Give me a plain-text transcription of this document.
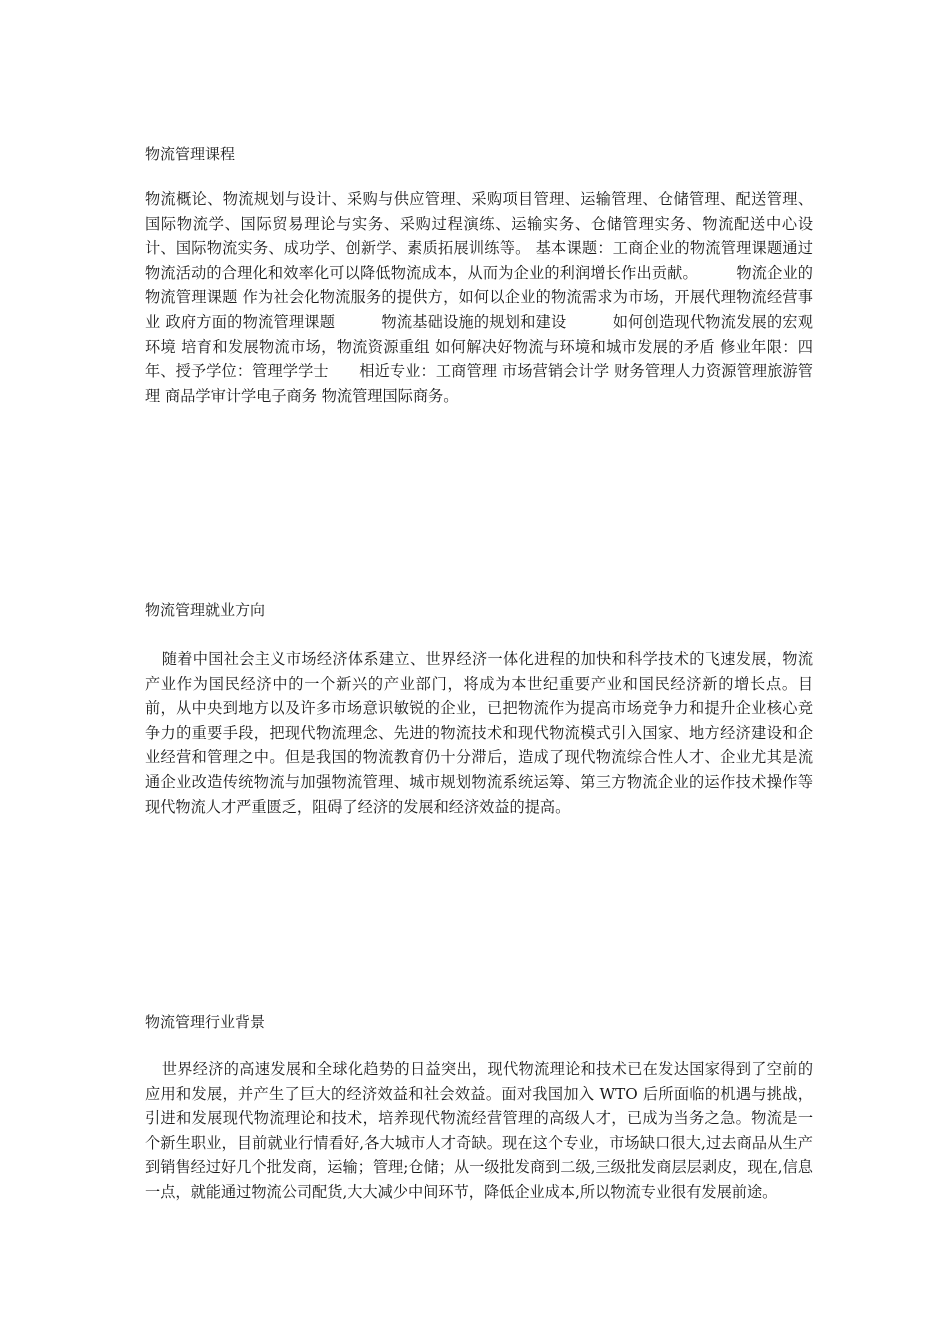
物流管理课程

物流概论、物流规划与设计、采购与供应管理、采购项目管理、运输管理、仓储管理、配送管理、国际物流学、国际贸易理论与实务、采购过程演练、运输实务、仓储管理实务、物流配送中心设计、国际物流实务、成功学、创新学、素质拓展训练等。 基本课题：工商企业的物流管理课题通过物流活动的合理化和效率化可以降低物流成本，从而为企业的利润增长作出贡献。　　　物流企业的物流管理课题 作为社会化物流服务的提供方，如何以企业的物流需求为市场，开展代理物流经营事业 政府方面的物流管理课题　　　物流基础设施的规划和建设　　　如何创造现代物流发展的宏观环境 培育和发展物流市场，物流资源重组 如何解决好物流与环境和城市发展的矛盾 修业年限：四年、授予学位：管理学学士　　相近专业：工商管理 市场营销会计学 财务管理人力资源管理旅游管理 商品学审计学电子商务 物流管理国际商务。

物流管理就业方向

随着中国社会主义市场经济体系建立、世界经济一体化进程的加快和科学技术的飞速发展，物流产业作为国民经济中的一个新兴的产业部门，将成为本世纪重要产业和国民经济新的增长点。目前，从中央到地方以及许多市场意识敏锐的企业，已把物流作为提高市场竞争力和提升企业核心竞争力的重要手段，把现代物流理念、先进的物流技术和现代物流模式引入国家、地方经济建设和企业经营和管理之中。但是我国的物流教育仍十分滞后，造成了现代物流综合性人才、企业尤其是流通企业改造传统物流与加强物流管理、城市规划物流系统运筹、第三方物流企业的运作技术操作等现代物流人才严重匮乏，阻碍了经济的发展和经济效益的提高。

物流管理行业背景

世界经济的高速发展和全球化趋势的日益突出，现代物流理论和技术已在发达国家得到了空前的应用和发展，并产生了巨大的经济效益和社会效益。面对我国加入 WTO 后所面临的机遇与挑战，引进和发展现代物流理论和技术，培养现代物流经营管理的高级人才，已成为当务之急。物流是一个新生职业，目前就业行情看好,各大城市人才奇缺。现在这个专业，市场缺口很大,过去商品从生产到销售经过好几个批发商，运输；管理;仓储；从一级批发商到二级,三级批发商层层剥皮，现在,信息一点，就能通过物流公司配货,大大减少中间环节，降低企业成本,所以物流专业很有发展前途。
